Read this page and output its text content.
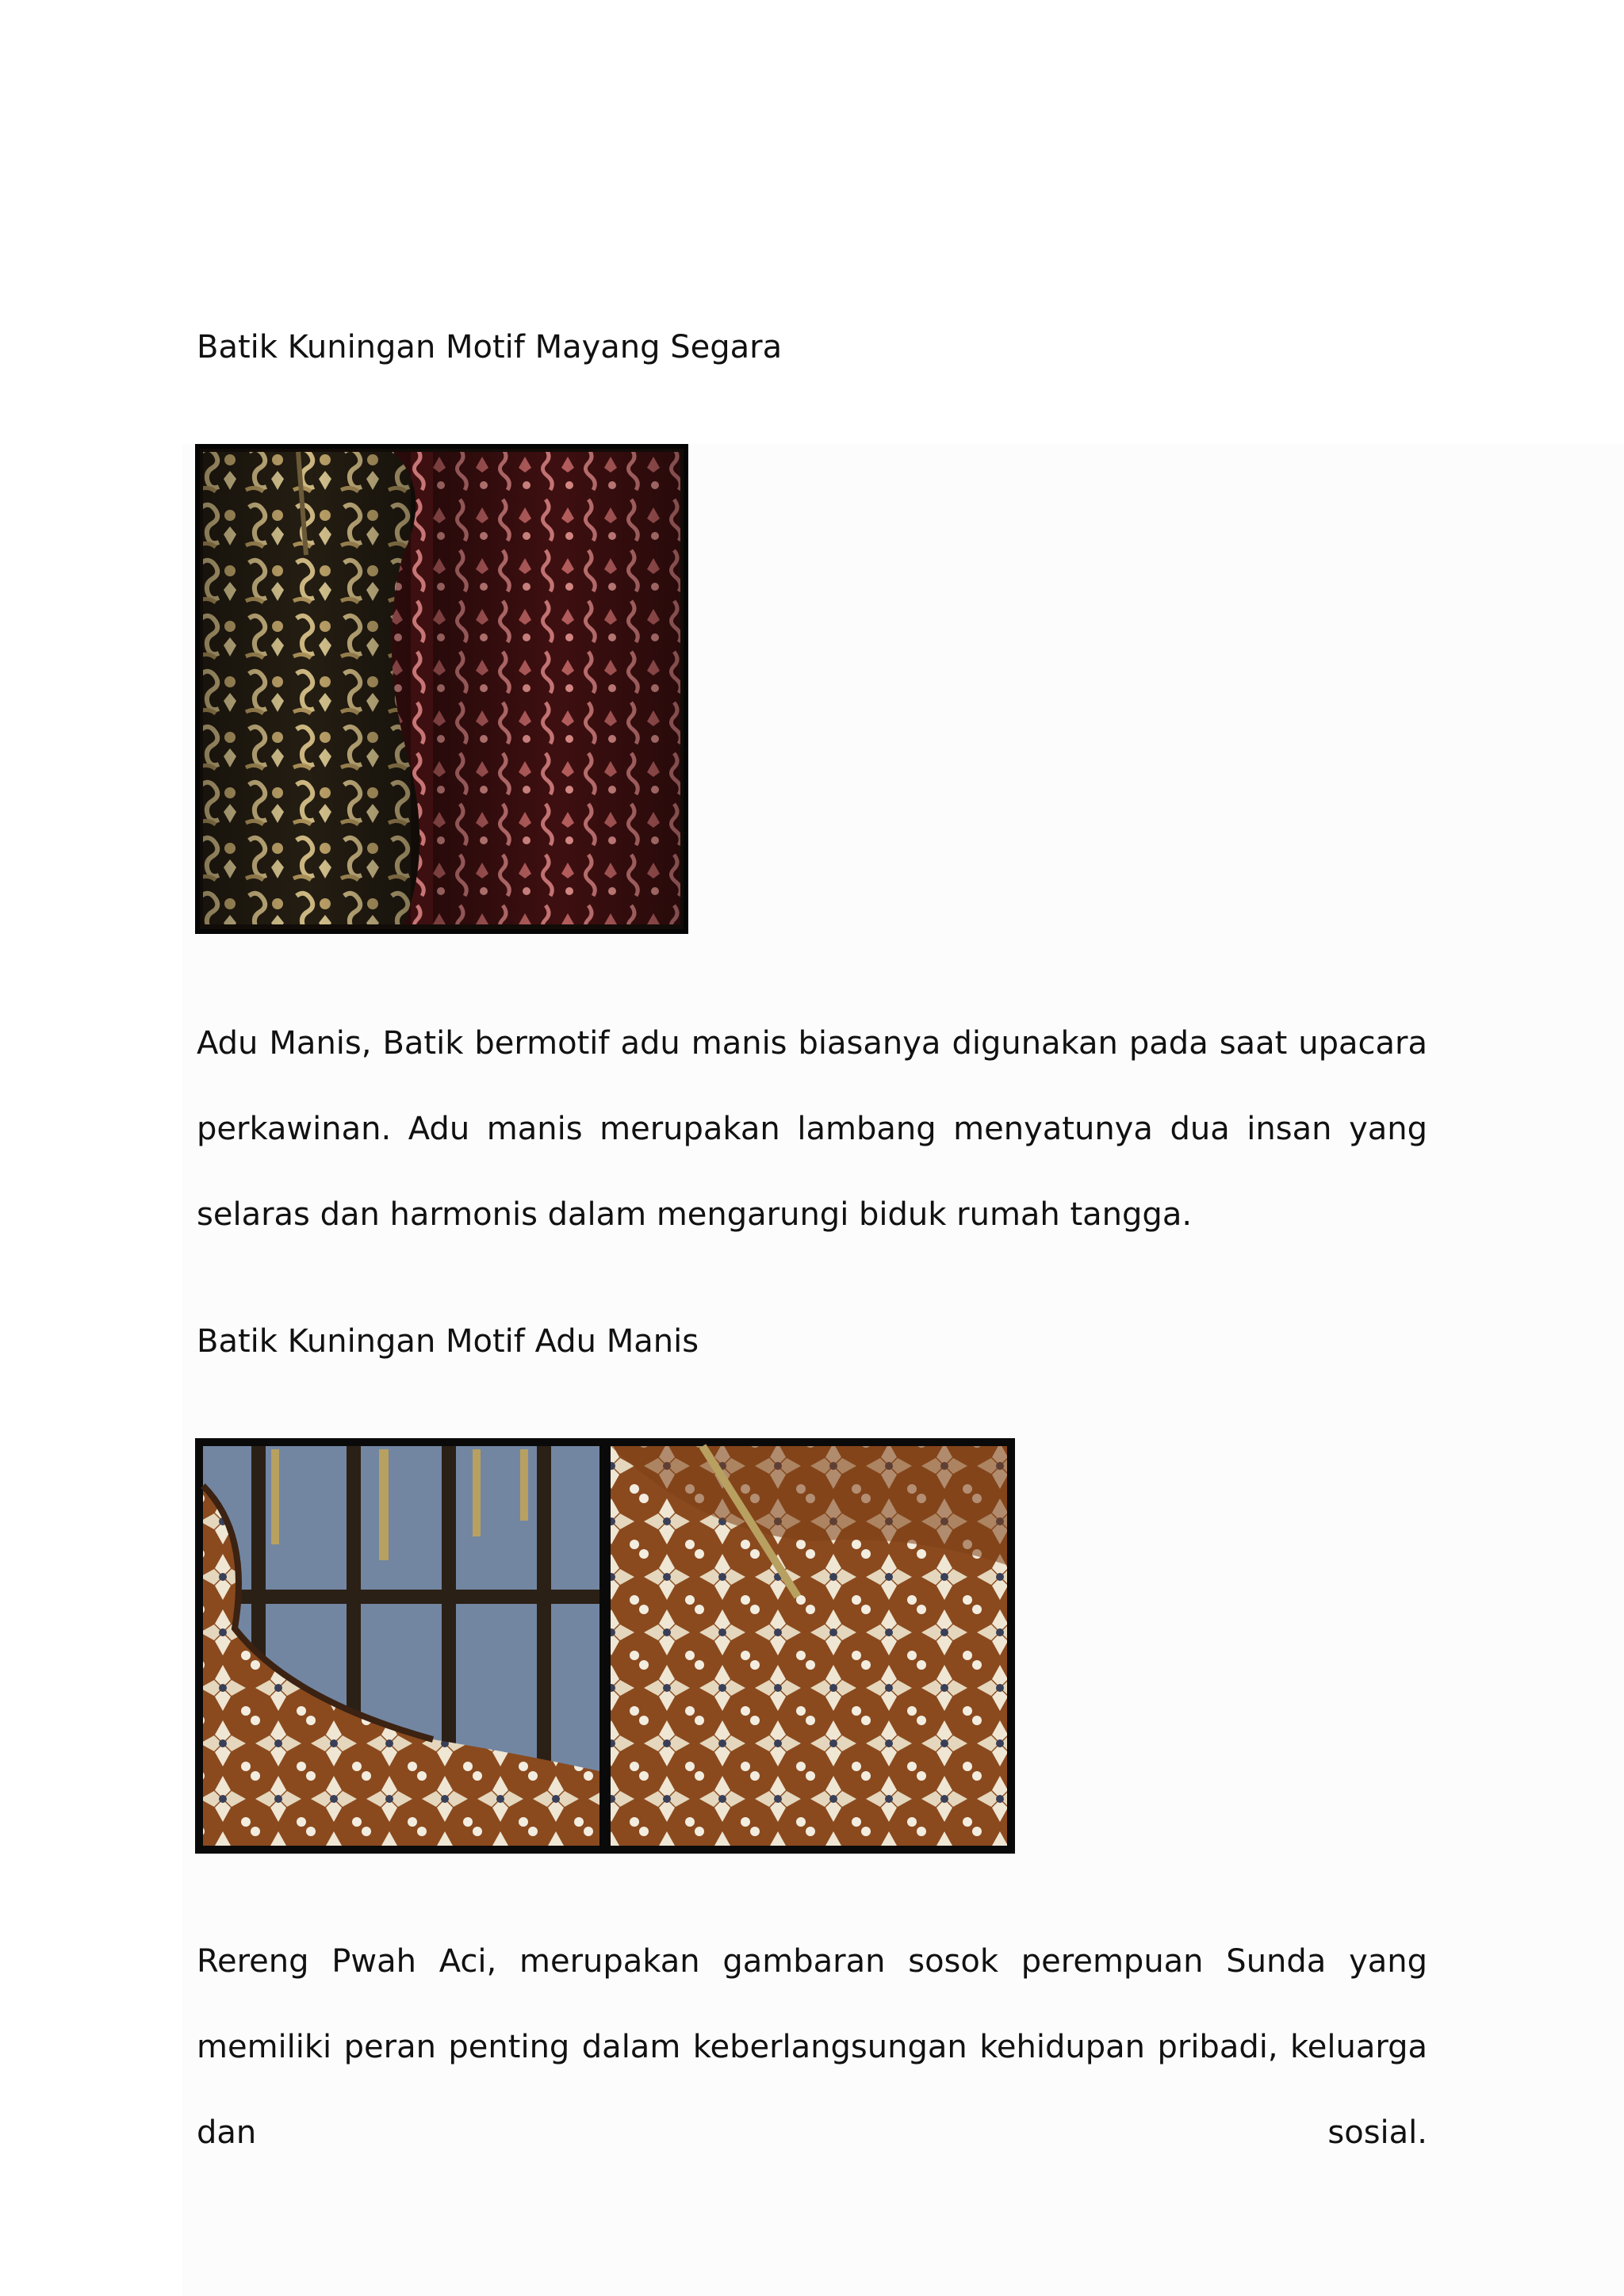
Batik Kuningan Motif Mayang Segara

Adu Manis, Batik bermotif adu manis biasanya digunakan pada saat upacara perkawinan. Adu manis merupakan lambang menyatunya dua insan yang selaras dan harmonis dalam mengarungi biduk rumah tangga.

Batik Kuningan Motif Adu Manis

Rereng Pwah Aci, merupakan gambaran sosok perempuan Sunda yang memiliki peran penting dalam keberlangsungan kehidupan pribadi, keluarga dan sosial.
